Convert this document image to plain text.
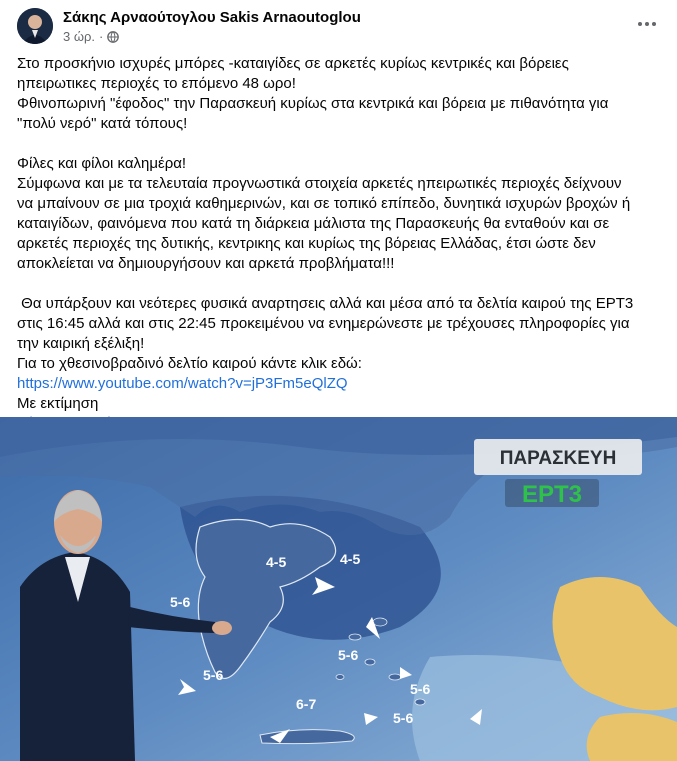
Σάκης Αρναούτογλου Sakis Arnaoutoglou
3 ώρ. ·

Στο προσκήνιο ισχυρές μπόρες -καταιγίδες σε αρκετές κυρίως κεντρικές και βόρειες

ηπειρωτικες περιοχές το επόμενο 48 ωρο!

Φθινοπωρινή "έφοδος" την Παρασκευή κυρίως στα κεντρικά και βόρεια με πιθανότητα για

"πολύ νερό" κατά τόπους!

Φίλες και φίλοι καλημέρα!

Σύμφωνα και με τα τελευταία προγνωστικά στοιχεία αρκετές ηπειρωτικές περιοχές δείχνουν

να μπαίνουν σε μια τροχιά καθημερινών, και σε τοπικό επίπεδο, δυνητικά ισχυρών βροχών ή

καταιγίδων, φαινόμενα που κατά τη διάρκεια μάλιστα της Παρασκευής θα ενταθούν και σε

αρκετές περιοχές της δυτικής, κεντρικης και κυρίως της βόρειας Ελλάδας, έτσι ώστε δεν

αποκλείεται να δημιουργήσουν και αρκετά προβλήματα!!!

Θα υπάρξουν και νεότερες φυσικά αναρτησεις αλλά και μέσα από τα δελτία καιρού της ΕΡΤ3

στις 16:45 αλλά και στις 22:45 προκειμένου να ενημερώνεστε με τρέχουσες πληροφορίες για

την καιρική εξέλιξη!

Για το χθεσινοβραδινό δελτίο καιρού κάντε κλικ εδώ:

https://www.youtube.com/watch?v=jP3Fm5eQlZQ

Με εκτίμηση

4-5	4-5
5-6
5-6
5-6
6-7
5-6
5-6
ΠΑΡΑΣΚΕΥΗ
ΕΡΤ3
